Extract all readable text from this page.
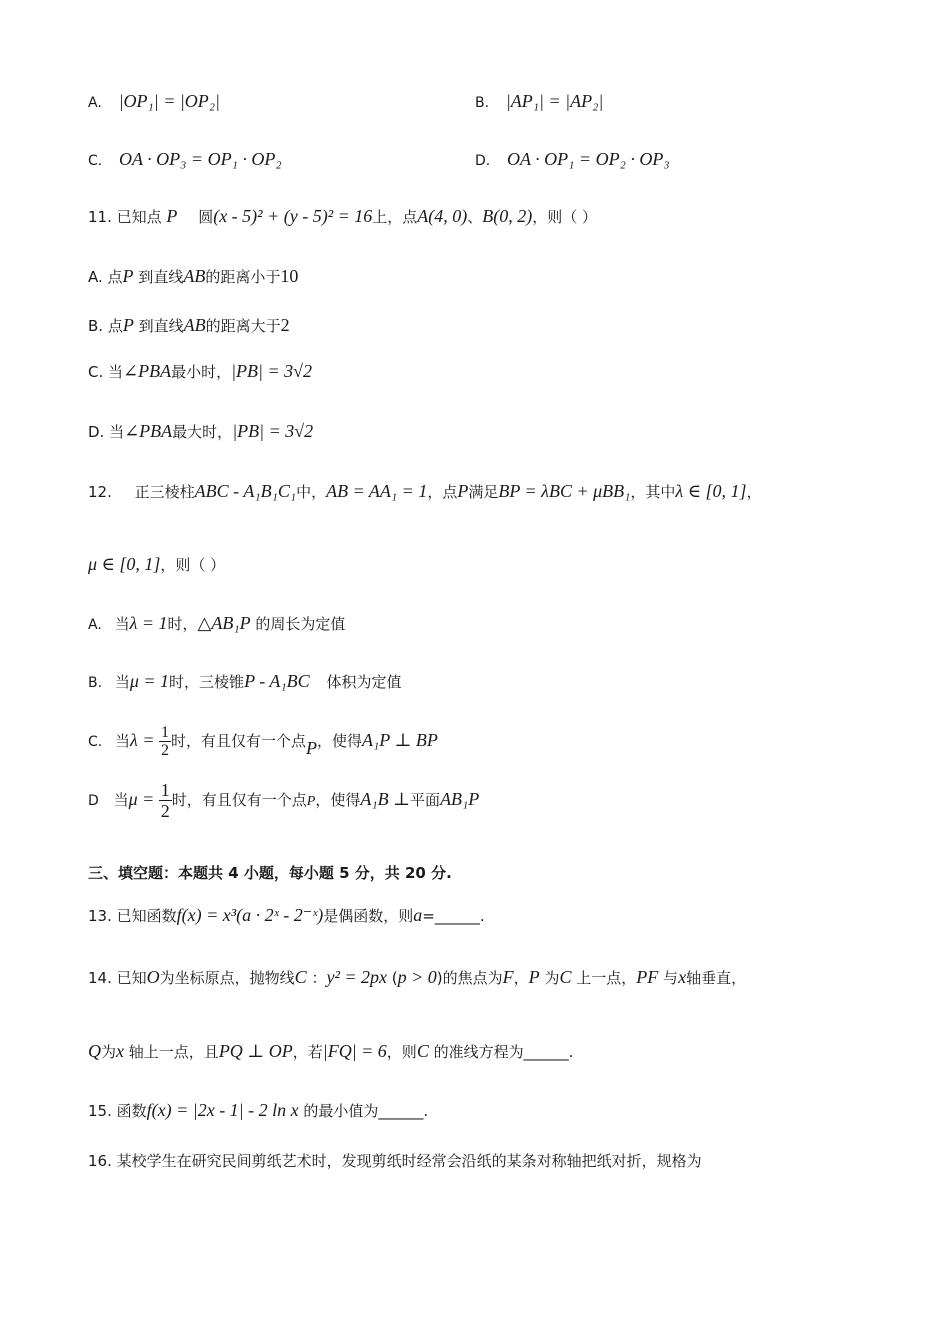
A. |OP₁| = |OP₂|	B. |AP₁| = |AP₂|
C. OA · OP₃ = OP₁ · OP₂	D. OA · OP₁ = OP₂ · OP₃
11. 已知点 P 圆(x - 5)² + (y - 5)² = 16上，点A(4, 0)、B(0, 2)，则（ ）
A. 点P 到直线AB的距离小于10
B. 点P 到直线AB的距离大于2
C. 当∠PBA最小时，|PB| = 3√2
D. 当∠PBA最大时，|PB| = 3√2
12. 正三棱柱ABC - A₁B₁C₁中，AB = AA₁ = 1，点P满足BP = λBC + μBB₁，其中λ ∈ [0, 1]，
μ ∈ [0, 1]，则（ ）
A. 当λ = 1时，△AB₁P 的周长为定值
B. 当μ = 1时，三棱锥P - A₁BC 体积为定值
C. 当$\lambda = \frac{1}{2}$ 时，有且仅有一个点P，使得A₁P ⊥ BP
D 当$\mu = \frac{1}{2}$ 时，有且仅有一个点P，使得A₁B ⊥平面AB₁P
三、填空题：本题共 4 小题，每小题 5 分，共 20 分.
13. 已知函数f(x) = x³(a · 2ˣ - 2⁻ˣ)是偶函数，则a=______.
14. 已知O为坐标原点，抛物线C ：y² = 2px (p > 0)的焦点为F，P 为C 上一点，PF 与x轴垂直，
Q为x 轴上一点，且PQ ⊥ OP，若|FQ| = 6，则C 的准线方程为______.
15. 函数f(x) = |2x - 1| - 2 ln x 的最小值为______.
16. 某校学生在研究民间剪纸艺术时，发现剪纸时经常会沿纸的某条对称轴把纸对折，规格为
